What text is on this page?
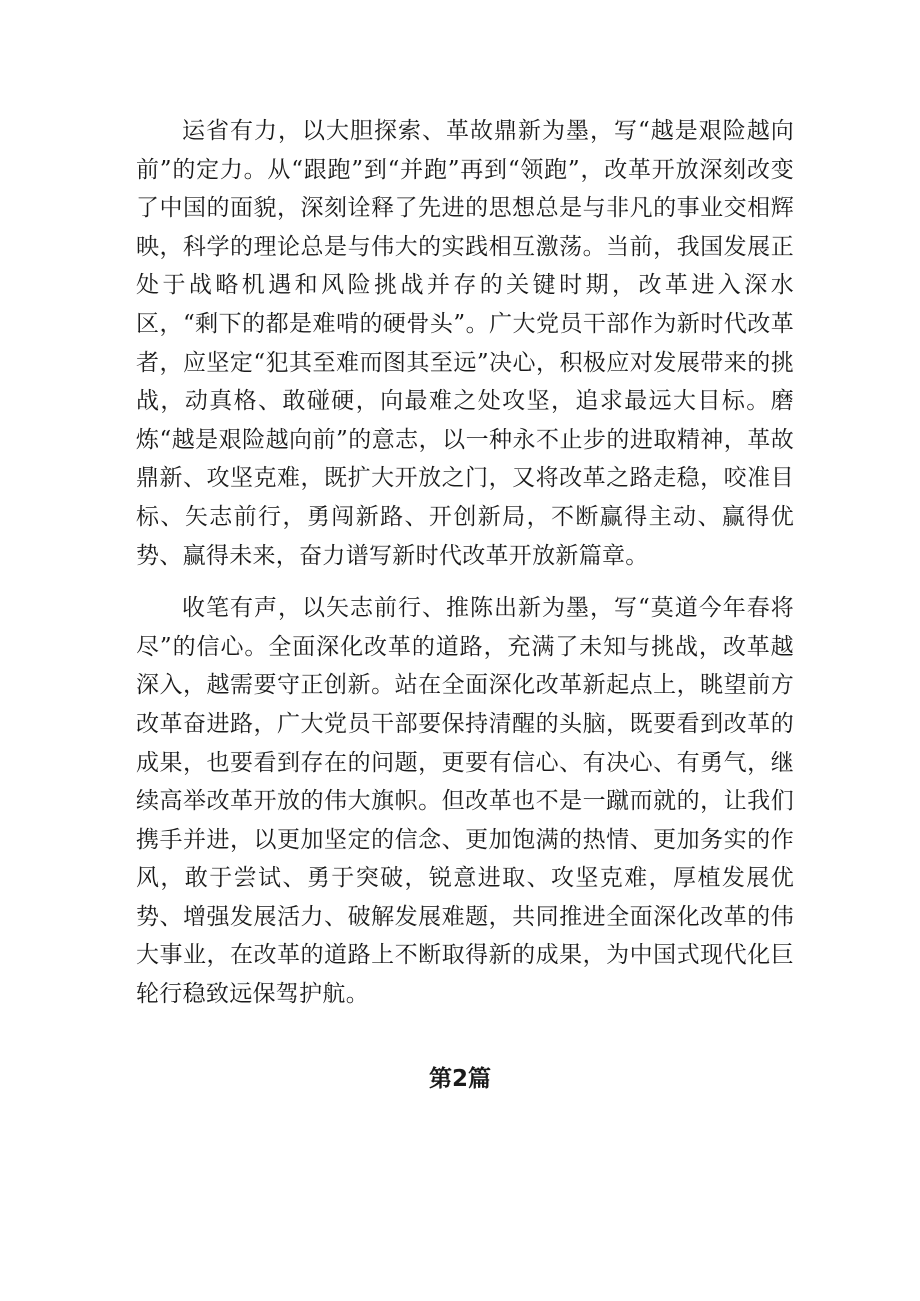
运省有力，以大胆探索、革故鼎新为墨，写“越是艰险越向前”的定力。从“跟跑”到“并跑”再到“领跑”，改革开放深刻改变了中国的面貌，深刻诠释了先进的思想总是与非凡的事业交相辉映，科学的理论总是与伟大的实践相互激荡。当前，我国发展正处于战略机遇和风险挑战并存的关键时期，改革进入深水区，“剩下的都是难啃的硬骨头”。广大党员干部作为新时代改革者，应坚定“犯其至难而图其至远”决心，积极应对发展带来的挑战，动真格、敢碰硬，向最难之处攻坚，追求最远大目标。磨炼“越是艰险越向前”的意志，以一种永不止步的进取精神，革故鼎新、攻坚克难，既扩大开放之门，又将改革之路走稳，咬准目标、矢志前行，勇闯新路、开创新局，不断赢得主动、赢得优势、赢得未来，奋力谱写新时代改革开放新篇章。

收笔有声，以矢志前行、推陈出新为墨，写“莫道今年春将尽”的信心。全面深化改革的道路，充满了未知与挑战，改革越深入，越需要守正创新。站在全面深化改革新起点上，眺望前方改革奋进路，广大党员干部要保持清醒的头脑，既要看到改革的成果，也要看到存在的问题，更要有信心、有决心、有勇气，继续高举改革开放的伟大旗帜。但改革也不是一蹴而就的，让我们携手并进，以更加坚定的信念、更加饱满的热情、更加务实的作风，敢于尝试、勇于突破，锐意进取、攻坚克难，厚植发展优势、增强发展活力、破解发展难题，共同推进全面深化改革的伟大事业，在改革的道路上不断取得新的成果，为中国式现代化巨轮行稳致远保驾护航。

第2篇
